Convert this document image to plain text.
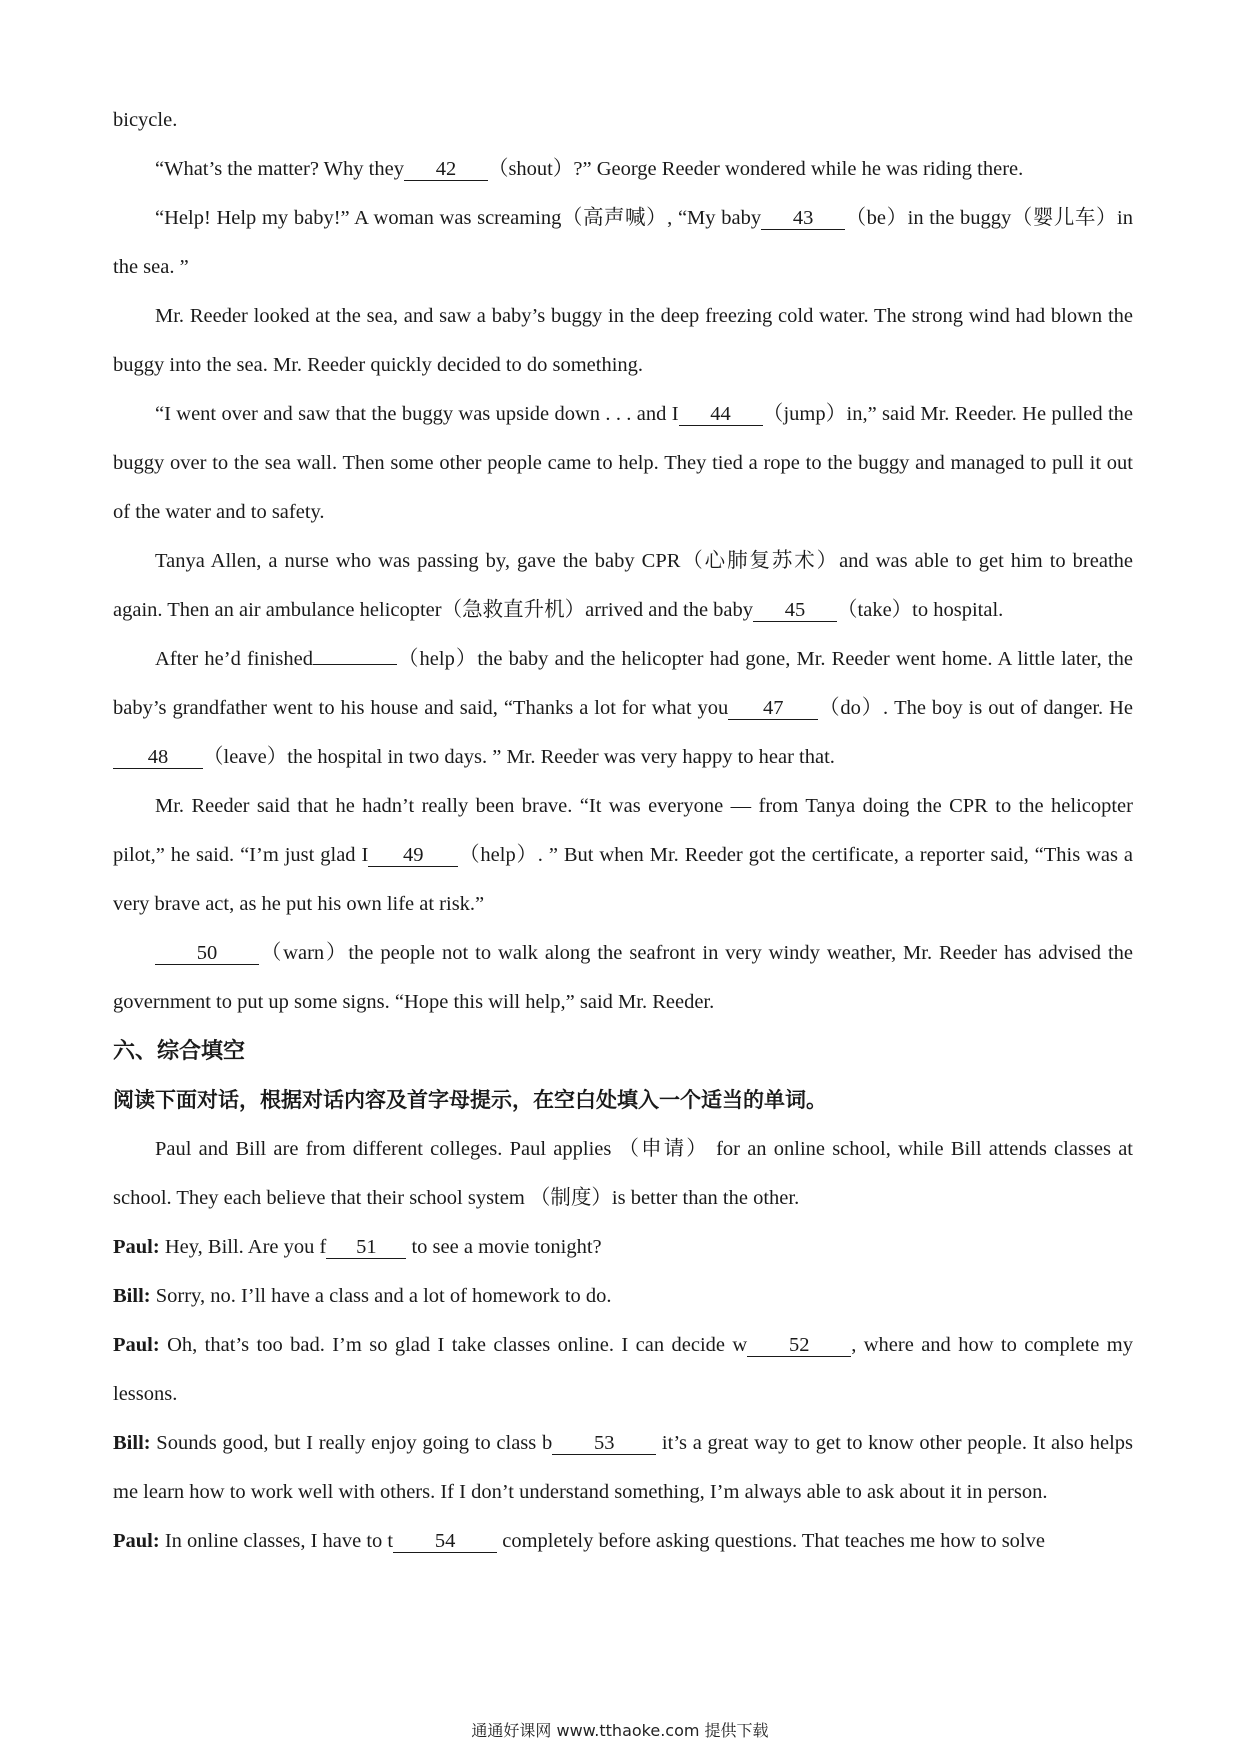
bicycle.

“What’s the matter? Why they 42 （shout）?” George Reeder wondered while he was riding there.

“Help! Help my baby!” A woman was screaming（高声喊）, “My baby 43 （be）in the buggy（婴儿车）in the sea. ”

Mr. Reeder looked at the sea, and saw a baby’s buggy in the deep freezing cold water. The strong wind had blown the buggy into the sea. Mr. Reeder quickly decided to do something.

“I went over and saw that the buggy was upside down . . . and I 44 （jump）in,” said Mr. Reeder. He pulled the buggy over to the sea wall. Then some other people came to help. They tied a rope to the buggy and managed to pull it out of the water and to safety.

Tanya Allen, a nurse who was passing by, gave the baby CPR（心肺复苏术）and was able to get him to breathe again. Then an air ambulance helicopter（急救直升机）arrived and the baby 45 （take）to hospital.

After he’d finished	（help）the baby and the helicopter had gone, Mr. Reeder went home. A little later, the baby’s grandfather went to his house and said, “Thanks a lot for what you 47 （do）. The boy is out of danger. He48 （leave）the hospital in two days. ” Mr. Reeder was very happy to hear that.

Mr. Reeder said that he hadn’t really been brave. “It was everyone — from Tanya doing the CPR to the helicopter pilot,” he said. “I’m just glad I 49 （help）. ” But when Mr. Reeder got the certificate, a reporter said, “This was a very brave act, as he put his own life at risk.”

50 （warn）the people not to walk along the seafront in very windy weather, Mr. Reeder has advised the government to put up some signs. “Hope this will help,” said Mr. Reeder.

六、综合填空

阅读下面对话，根据对话内容及首字母提示，在空白处填入一个适当的单词。

Paul and Bill are from different colleges. Paul applies （申请） for an online school, while Bill attends classes at school. They each believe that their school system （制度）is better than the other.

Paul: Hey, Bill. Are you f 51 to see a movie tonight?

Bill: Sorry, no. I’ll have a class and a lot of homework to do.

Paul: Oh, that’s too bad. I’m so glad I take classes online. I can decide w 52 , where and how to complete my lessons.

Bill: Sounds good, but I really enjoy going to class b 53 it’s a great way to get to know other people. It also helps me learn how to work well with others. If I don’t understand something, I’m always able to ask about it in person.

Paul: In online classes, I have to t 54 completely before asking questions. That teaches me how to solve

通通好课网 www.tthaoke.com 提供下载
